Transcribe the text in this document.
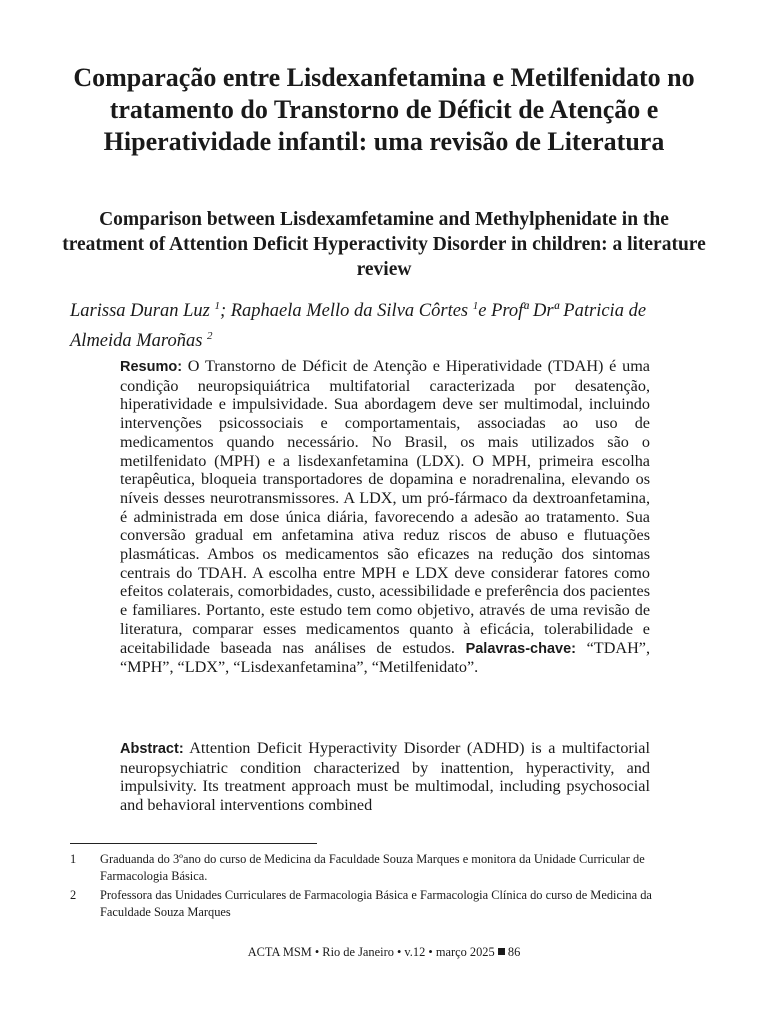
Comparação entre Lisdexanfetamina e Metilfenidato no tratamento do Transtorno de Déficit de Atenção e Hiperatividade infantil: uma revisão de Literatura
Comparison between Lisdexamfetamine and Methylphenidate in the treatment of Attention Deficit Hyperactivity Disorder in children: a literature review

Larissa Duran Luz $^1$; Raphaela Mello da Silva Côrtes $^1$e Profª Drª Patricia de Almeida Maroñas $^2$

Resumo: O Transtorno de Déficit de Atenção e Hiperatividade (TDAH) é uma condição neuropsiquiátrica multifatorial caracterizada por desatenção, hiperatividade e impulsividade. Sua abordagem deve ser multimodal, incluindo intervenções psicossociais e comportamentais, associadas ao uso de medicamentos quando necessário. No Brasil, os mais utilizados são o metilfenidato (MPH) e a lisdexanfetamina (LDX). O MPH, primeira escolha terapêutica, bloqueia transportadores de dopamina e noradrenalina, elevando os níveis desses neurotransmissores. A LDX, um pró-fármaco da dextroanfetamina, é administrada em dose única diária, favorecendo a adesão ao tratamento. Sua conversão gradual em anfetamina ativa reduz riscos de abuso e flutuações plasmáticas. Ambos os medicamentos são eficazes na redução dos sintomas centrais do TDAH. A escolha entre MPH e LDX deve considerar fatores como efeitos colaterais, comorbidades, custo, acessibilidade e preferência dos pacientes e familiares. Portanto, este estudo tem como objetivo, através de uma revisão de literatura, comparar esses medicamentos quanto à eficácia, tolerabilidade e aceitabilidade baseada nas análises de estudos. Palavras-chave: “TDAH”, “MPH”, “LDX”, “Lisdexanfetamina”, “Metilfenidato”.

Abstract: Attention Deficit Hyperactivity Disorder (ADHD) is a multifactorial neuropsychiatric condition characterized by inattention, hyperactivity, and impulsivity. Its treatment approach must be multimodal, including psychosocial and behavioral interventions combined

1	Graduanda do 3ºano do curso de Medicina da Faculdade Souza Marques e monitora da Unidade Curricular de Farmacologia Básica.
2	Professora das Unidades Curriculares de Farmacologia Básica e Farmacologia Clínica do curso de Medicina da Faculdade Souza Marques
ACTA MSM • Rio de Janeiro • v.12 • março 2025 86
